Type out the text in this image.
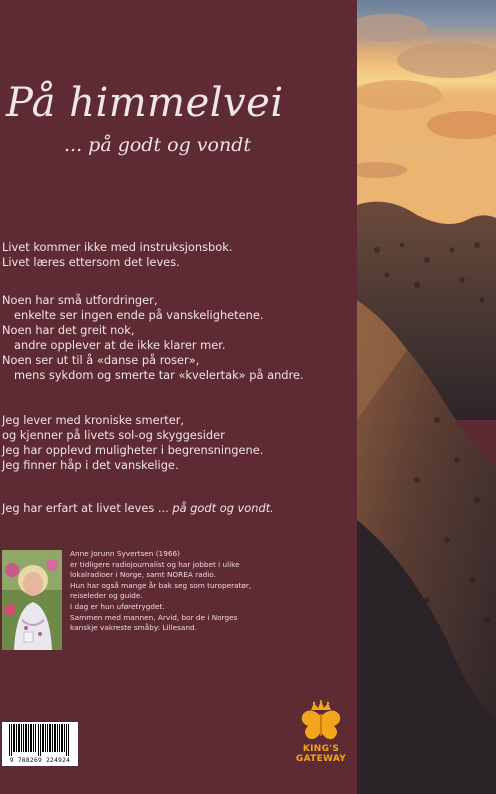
På himmelvei
... på godt og vondt

Livet kommer ikke med instruksjonsbok.

Livet læres ettersom det leves.

Noen har små utfordringer,

enkelte ser ingen ende på vanskelighetene.

Noen har det greit nok,

andre opplever at de ikke klarer mer.

Noen ser ut til å «danse på roser»,

mens sykdom og smerte tar «kvelertak» på andre.

Jeg lever med kroniske smerter,

og kjenner på livets sol-og skyggesider

Jeg har opplevd muligheter i begrensningene.

Jeg finner håp i det vanskelige.

Jeg har erfart at livet leves ... på godt og vondt.

Anne Jorunn Syvertsen (1966)

er tidligere radiojournalist og har jobbet i ulike

lokalradioer i Norge, samt NOREA radio.

Hun har også mange år bak seg som turoperatør,

reiseleder og guide.

I dag er hun uføretrygdet.

Sammen med mannen, Arvid, bor de i Norges

kanskje vakreste småby: Lillesand.

9 788269 224924
KING'S
GATEWAY
